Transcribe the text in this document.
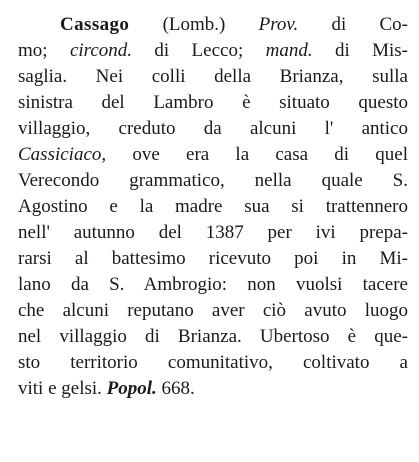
Cassago (Lomb.) Prov. di Co-
mo; circond. di Lecco; mand. di Mis-
saglia. Nei colli della Brianza, sulla
sinistra del Lambro è situato questo
villaggio, creduto da alcuni l' antico
Cassiciaco, ove era la casa di quel
Verecondo grammatico, nella quale S.
Agostino e la madre sua si trattennero
nell' autunno del 1387 per ivi prepa-
rarsi al battesimo ricevuto poi in Mi-
lano da S. Ambrogio: non vuolsi tacere
che alcuni reputano aver ciò avuto luogo
nel villaggio di Brianza. Ubertoso è que-
sto territorio comunitativo, coltivato a
viti e gelsi. Popol. 668.
